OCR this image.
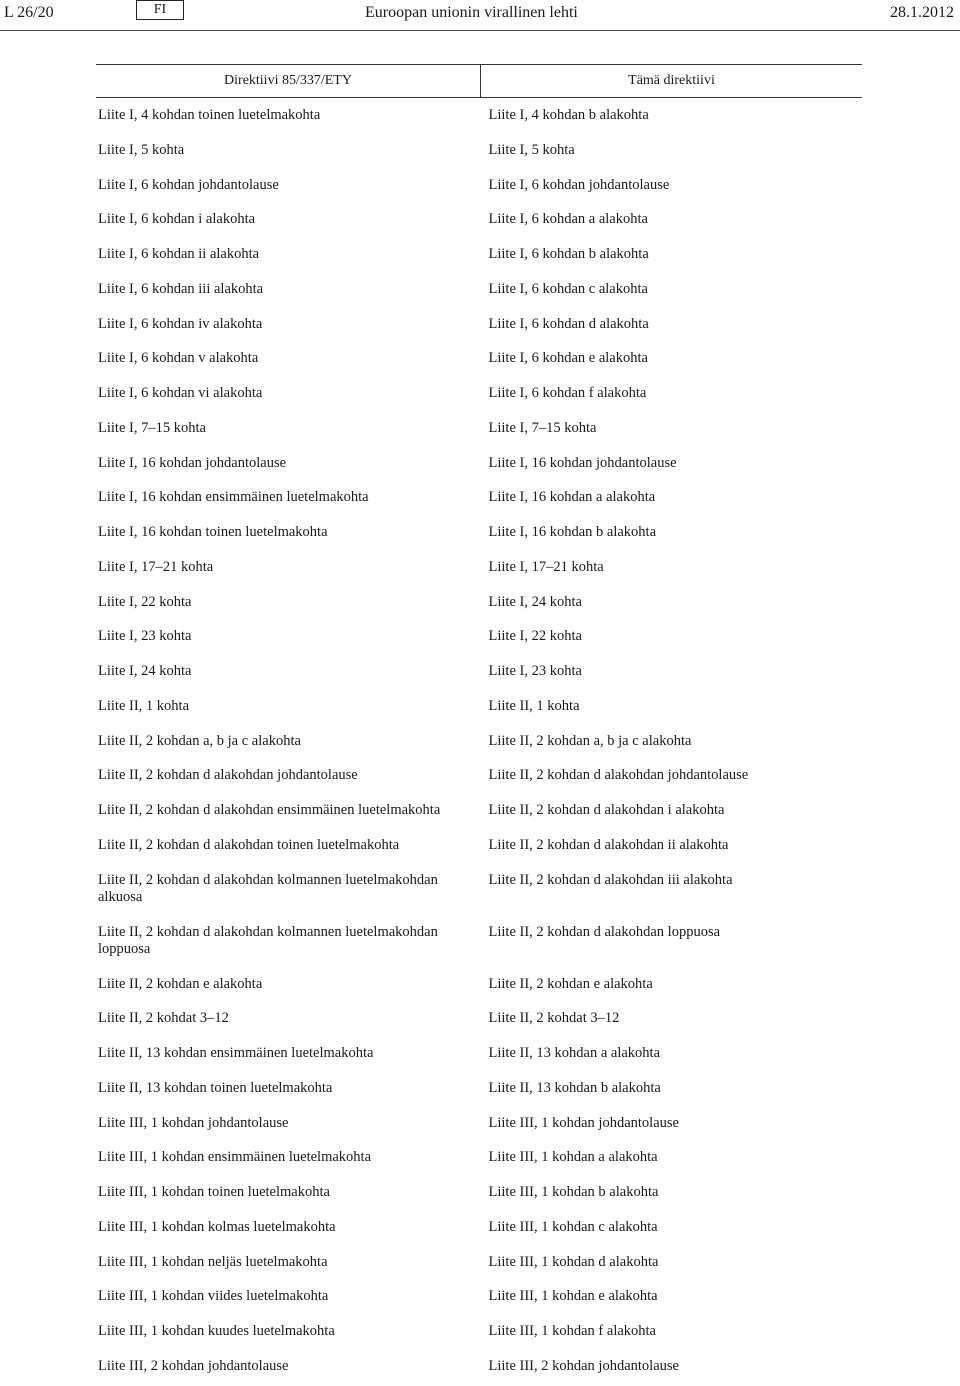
L 26/20	FI	Euroopan unionin virallinen lehti	28.1.2012
Direktiivi 85/337/ETY	Tämä direktiivi
Liite I, 4 kohdan toinen luetelmakohta	Liite I, 4 kohdan b alakohta
Liite I, 5 kohta	Liite I, 5 kohta
Liite I, 6 kohdan johdantolause	Liite I, 6 kohdan johdantolause
Liite I, 6 kohdan i alakohta	Liite I, 6 kohdan a alakohta
Liite I, 6 kohdan ii alakohta	Liite I, 6 kohdan b alakohta
Liite I, 6 kohdan iii alakohta	Liite I, 6 kohdan c alakohta
Liite I, 6 kohdan iv alakohta	Liite I, 6 kohdan d alakohta
Liite I, 6 kohdan v alakohta	Liite I, 6 kohdan e alakohta
Liite I, 6 kohdan vi alakohta	Liite I, 6 kohdan f alakohta
Liite I, 7–15 kohta	Liite I, 7–15 kohta
Liite I, 16 kohdan johdantolause	Liite I, 16 kohdan johdantolause
Liite I, 16 kohdan ensimmäinen luetelmakohta	Liite I, 16 kohdan a alakohta
Liite I, 16 kohdan toinen luetelmakohta	Liite I, 16 kohdan b alakohta
Liite I, 17–21 kohta	Liite I, 17–21 kohta
Liite I, 22 kohta	Liite I, 24 kohta
Liite I, 23 kohta	Liite I, 22 kohta
Liite I, 24 kohta	Liite I, 23 kohta
Liite II, 1 kohta	Liite II, 1 kohta
Liite II, 2 kohdan a, b ja c alakohta	Liite II, 2 kohdan a, b ja c alakohta
Liite II, 2 kohdan d alakohdan johdantolause	Liite II, 2 kohdan d alakohdan johdantolause
Liite II, 2 kohdan d alakohdan ensimmäinen luetelmakohta	Liite II, 2 kohdan d alakohdan i alakohta
Liite II, 2 kohdan d alakohdan toinen luetelmakohta	Liite II, 2 kohdan d alakohdan ii alakohta
Liite II, 2 kohdan d alakohdan kolmannen luetelmakohdan alkuosa	Liite II, 2 kohdan d alakohdan iii alakohta
Liite II, 2 kohdan d alakohdan kolmannen luetelmakohdan loppuosa	Liite II, 2 kohdan d alakohdan loppuosa
Liite II, 2 kohdan e alakohta	Liite II, 2 kohdan e alakohta
Liite II, 2 kohdat 3–12	Liite II, 2 kohdat 3–12
Liite II, 13 kohdan ensimmäinen luetelmakohta	Liite II, 13 kohdan a alakohta
Liite II, 13 kohdan toinen luetelmakohta	Liite II, 13 kohdan b alakohta
Liite III, 1 kohdan johdantolause	Liite III, 1 kohdan johdantolause
Liite III, 1 kohdan ensimmäinen luetelmakohta	Liite III, 1 kohdan a alakohta
Liite III, 1 kohdan toinen luetelmakohta	Liite III, 1 kohdan b alakohta
Liite III, 1 kohdan kolmas luetelmakohta	Liite III, 1 kohdan c alakohta
Liite III, 1 kohdan neljäs luetelmakohta	Liite III, 1 kohdan d alakohta
Liite III, 1 kohdan viides luetelmakohta	Liite III, 1 kohdan e alakohta
Liite III, 1 kohdan kuudes luetelmakohta	Liite III, 1 kohdan f alakohta
Liite III, 2 kohdan johdantolause	Liite III, 2 kohdan johdantolause
